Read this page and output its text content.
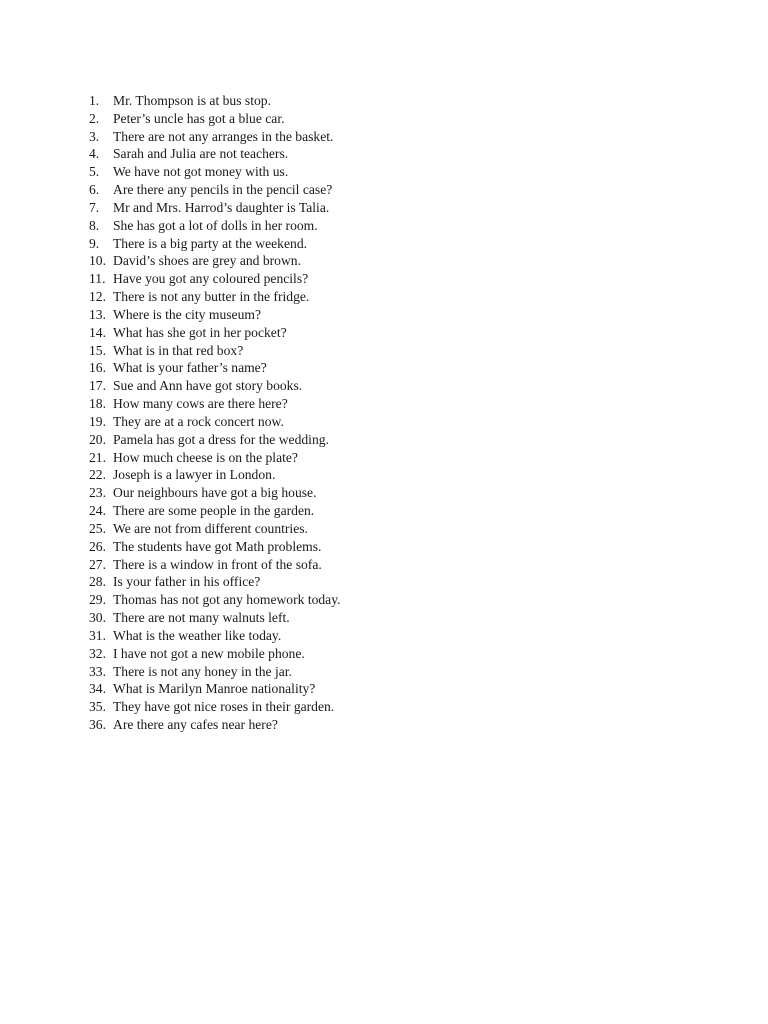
1.	Mr. Thompson is at bus stop.
2.	Peter’s uncle has got a blue car.
3.	There are not any arranges in the basket.
4.	Sarah and Julia are not teachers.
5.	We have not got money with us.
6.	Are there any pencils in the pencil case?
7.	Mr and Mrs. Harrod’s daughter is Talia.
8.	She has got a lot of dolls in her room.
9.	There is a big party at the weekend.
10. David’s shoes are grey and brown.
11. Have you got any coloured pencils?
12. There is not any butter in the fridge.
13. Where is the city museum?
14. What has she got in her pocket?
15. What is in that red box?
16. What is your father’s name?
17. Sue and Ann have got story books.
18. How many cows are there here?
19. They are at a rock concert now.
20. Pamela has got a dress for the wedding.
21. How much cheese is on the plate?
22. Joseph is a lawyer in London.
23. Our neighbours have got a big house.
24. There are some people in the garden.
25. We are not from different countries.
26. The students have got Math problems.
27. There is a window in front of the sofa.
28. Is your father in his office?
29. Thomas has not got any homework today.
30. There are not many walnuts left.
31. What is the weather like today.
32. I have not got a new mobile phone.
33. There is not any honey in the jar.
34. What is Marilyn Manroe nationality?
35. They have got nice roses in their garden.
36. Are there any cafes near here?
